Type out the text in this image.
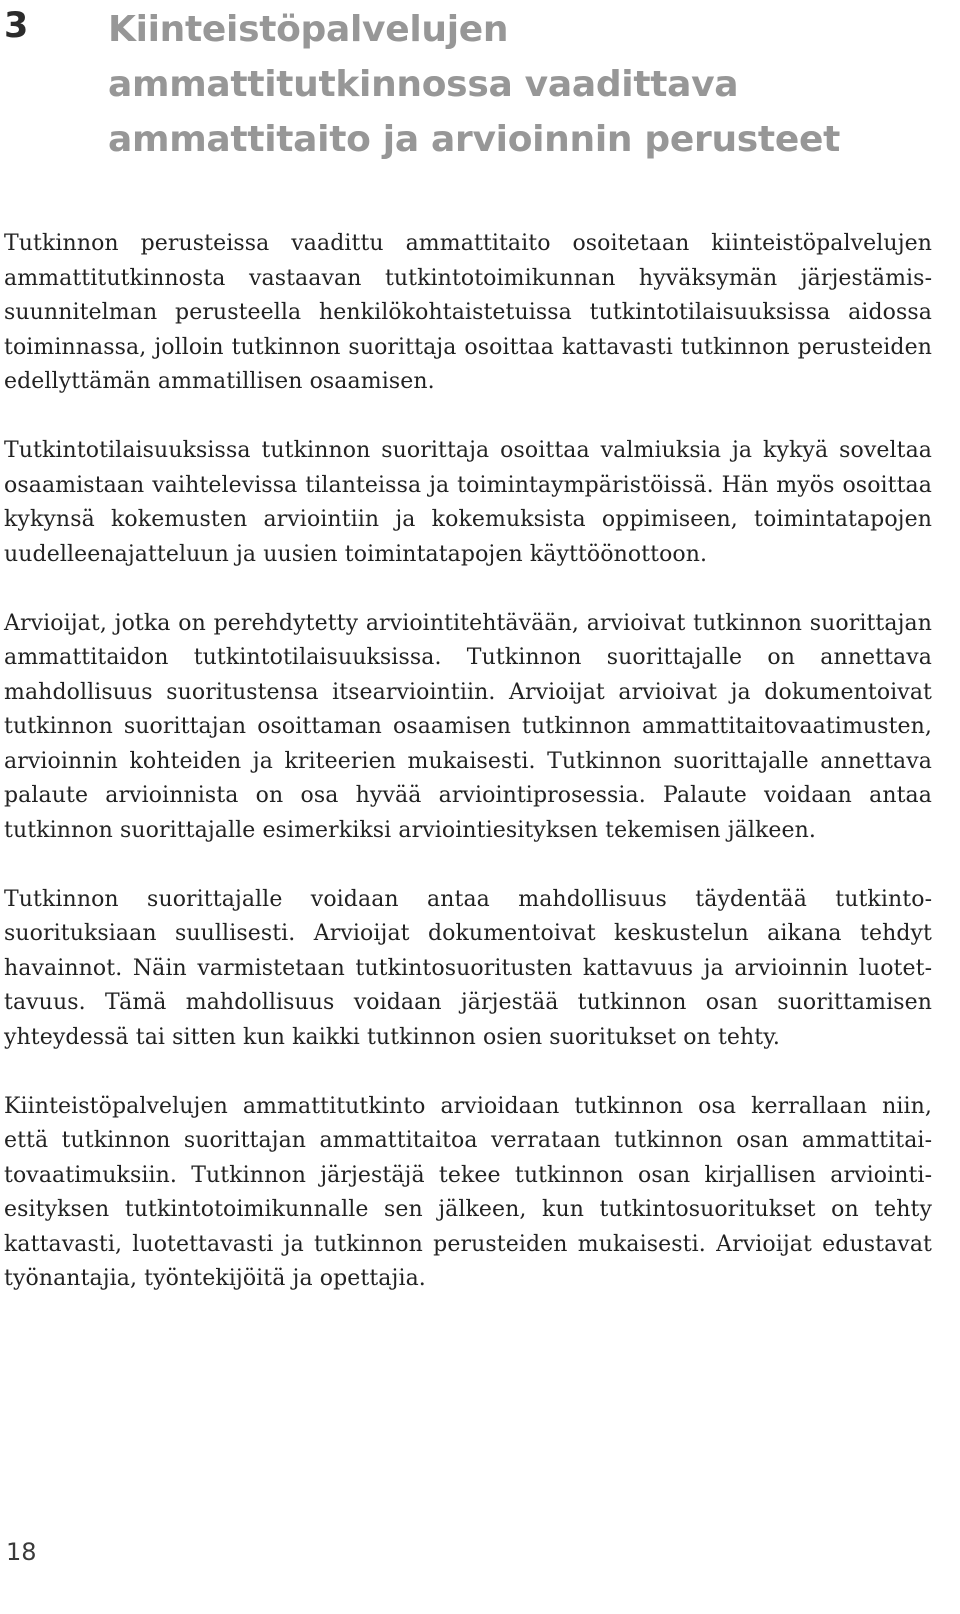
3 Kiinteistöpalvelujen ammattitutkinnossa vaadittava ammattitaito ja arvioinnin perusteet

Tutkinnon perusteissa vaadittu ammattitaito osoitetaan kiinteistöpalvelujen ammattitutkinnosta vastaavan tutkintotoimikunnan hyväksymän järjestämissuunnitelman perusteella henkilökohtaistetuissa tutkintotilaisuuksissa aidossa toiminnassa, jolloin tutkinnon suorittaja osoittaa kattavasti tutkinnon perusteiden edellyttämän ammatillisen osaamisen.

Tutkintotilaisuuksissa tutkinnon suorittaja osoittaa valmiuksia ja kykyä soveltaa osaamistaan vaihtelevissa tilanteissa ja toimintaympäristöissä. Hän myös osoittaa kykynsä kokemusten arviointiin ja kokemuksista oppimiseen, toimintatapojen uudelleenajatteluun ja uusien toimintatapojen käyttöönottoon.

Arvioijat, jotka on perehdytetty arviointitehtävään, arvioivat tutkinnon suorittajan ammattitaidon tutkintotilaisuuksissa. Tutkinnon suorittajalle on annettava mahdollisuus suoritustensa itsearviointiin. Arvioijat arvioivat ja dokumentoivat tutkinnon suorittajan osoittaman osaamisen tutkinnon ammattitaitovaatimusten, arvioinnin kohteiden ja kriteerien mukaisesti. Tutkinnon suorittajalle annettava palaute arvioinnista on osa hyvää arviointiprosessia. Palaute voidaan antaa tutkinnon suorittajalle esimerkiksi arviointiesityksen tekemisen jälkeen.

Tutkinnon suorittajalle voidaan antaa mahdollisuus täydentää tutkintosuorituksiaan suullisesti. Arvioijat dokumentoivat keskustelun aikana tehdyt havainnot. Näin varmistetaan tutkintosuoritusten kattavuus ja arvioinnin luotettavuus. Tämä mahdollisuus voidaan järjestää tutkinnon osan suorittamisen yhteydessä tai sitten kun kaikki tutkinnon osien suoritukset on tehty.

Kiinteistöpalvelujen ammattitutkinto arvioidaan tutkinnon osa kerrallaan niin, että tutkinnon suorittajan ammattitaitoa verrataan tutkinnon osan ammattitaitovaatimuksiin. Tutkinnon järjestäjä tekee tutkinnon osan kirjallisen arviointiesityksen tutkintotoimikunnalle sen jälkeen, kun tutkintosuoritukset on tehty kattavasti, luotettavasti ja tutkinnon perusteiden mukaisesti. Arvioijat edustavat työnantajia, työntekijöitä ja opettajia.

18
